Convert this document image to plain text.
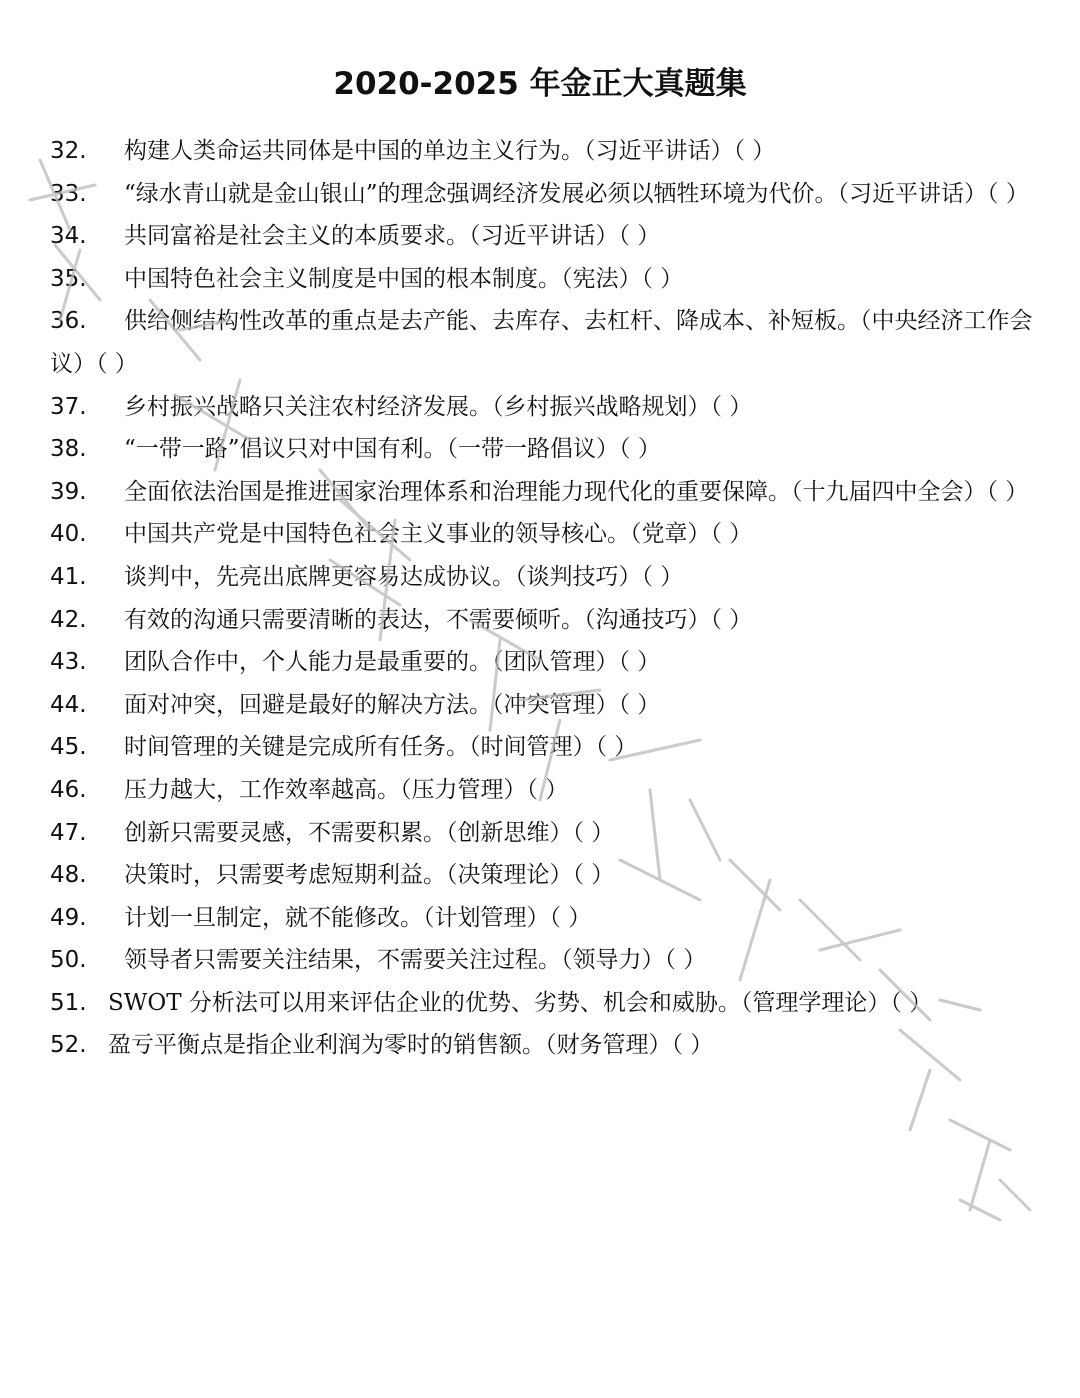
2020-2025 年金正大真题集

32. 构建人类命运共同体是中国的单边主义行为。（习近平讲话）（ ）

33. “绿水青山就是金山银山”的理念强调经济发展必须以牺牲环境为代价。（习近平讲话）（ ）

34. 共同富裕是社会主义的本质要求。（习近平讲话）（ ）

35. 中国特色社会主义制度是中国的根本制度。（宪法）（ ）

36. 供给侧结构性改革的重点是去产能、去库存、去杠杆、降成本、补短板。（中央经济工作会议）（ ）

37. 乡村振兴战略只关注农村经济发展。（乡村振兴战略规划）（ ）

38. “一带一路”倡议只对中国有利。（一带一路倡议）（ ）

39. 全面依法治国是推进国家治理体系和治理能力现代化的重要保障。（十九届四中全会）（ ）

40. 中国共产党是中国特色社会主义事业的领导核心。（党章）（ ）

41. 谈判中，先亮出底牌更容易达成协议。（谈判技巧）（ ）

42. 有效的沟通只需要清晰的表达，不需要倾听。（沟通技巧）（ ）

43. 团队合作中，个人能力是最重要的。（团队管理）（ ）

44. 面对冲突，回避是最好的解决方法。（冲突管理）（ ）

45. 时间管理的关键是完成所有任务。（时间管理）（ ）

46. 压力越大，工作效率越高。（压力管理）（ ）

47. 创新只需要灵感，不需要积累。（创新思维）（ ）

48. 决策时，只需要考虑短期利益。（决策理论）（ ）

49. 计划一旦制定，就不能修改。（计划管理）（ ）

50. 领导者只需要关注结果，不需要关注过程。（领导力）（ ）

51. SWOT 分析法可以用来评估企业的优势、劣势、机会和威胁。（管理学理论）（ ）

52. 盈亏平衡点是指企业利润为零时的销售额。（财务管理）（ ）
